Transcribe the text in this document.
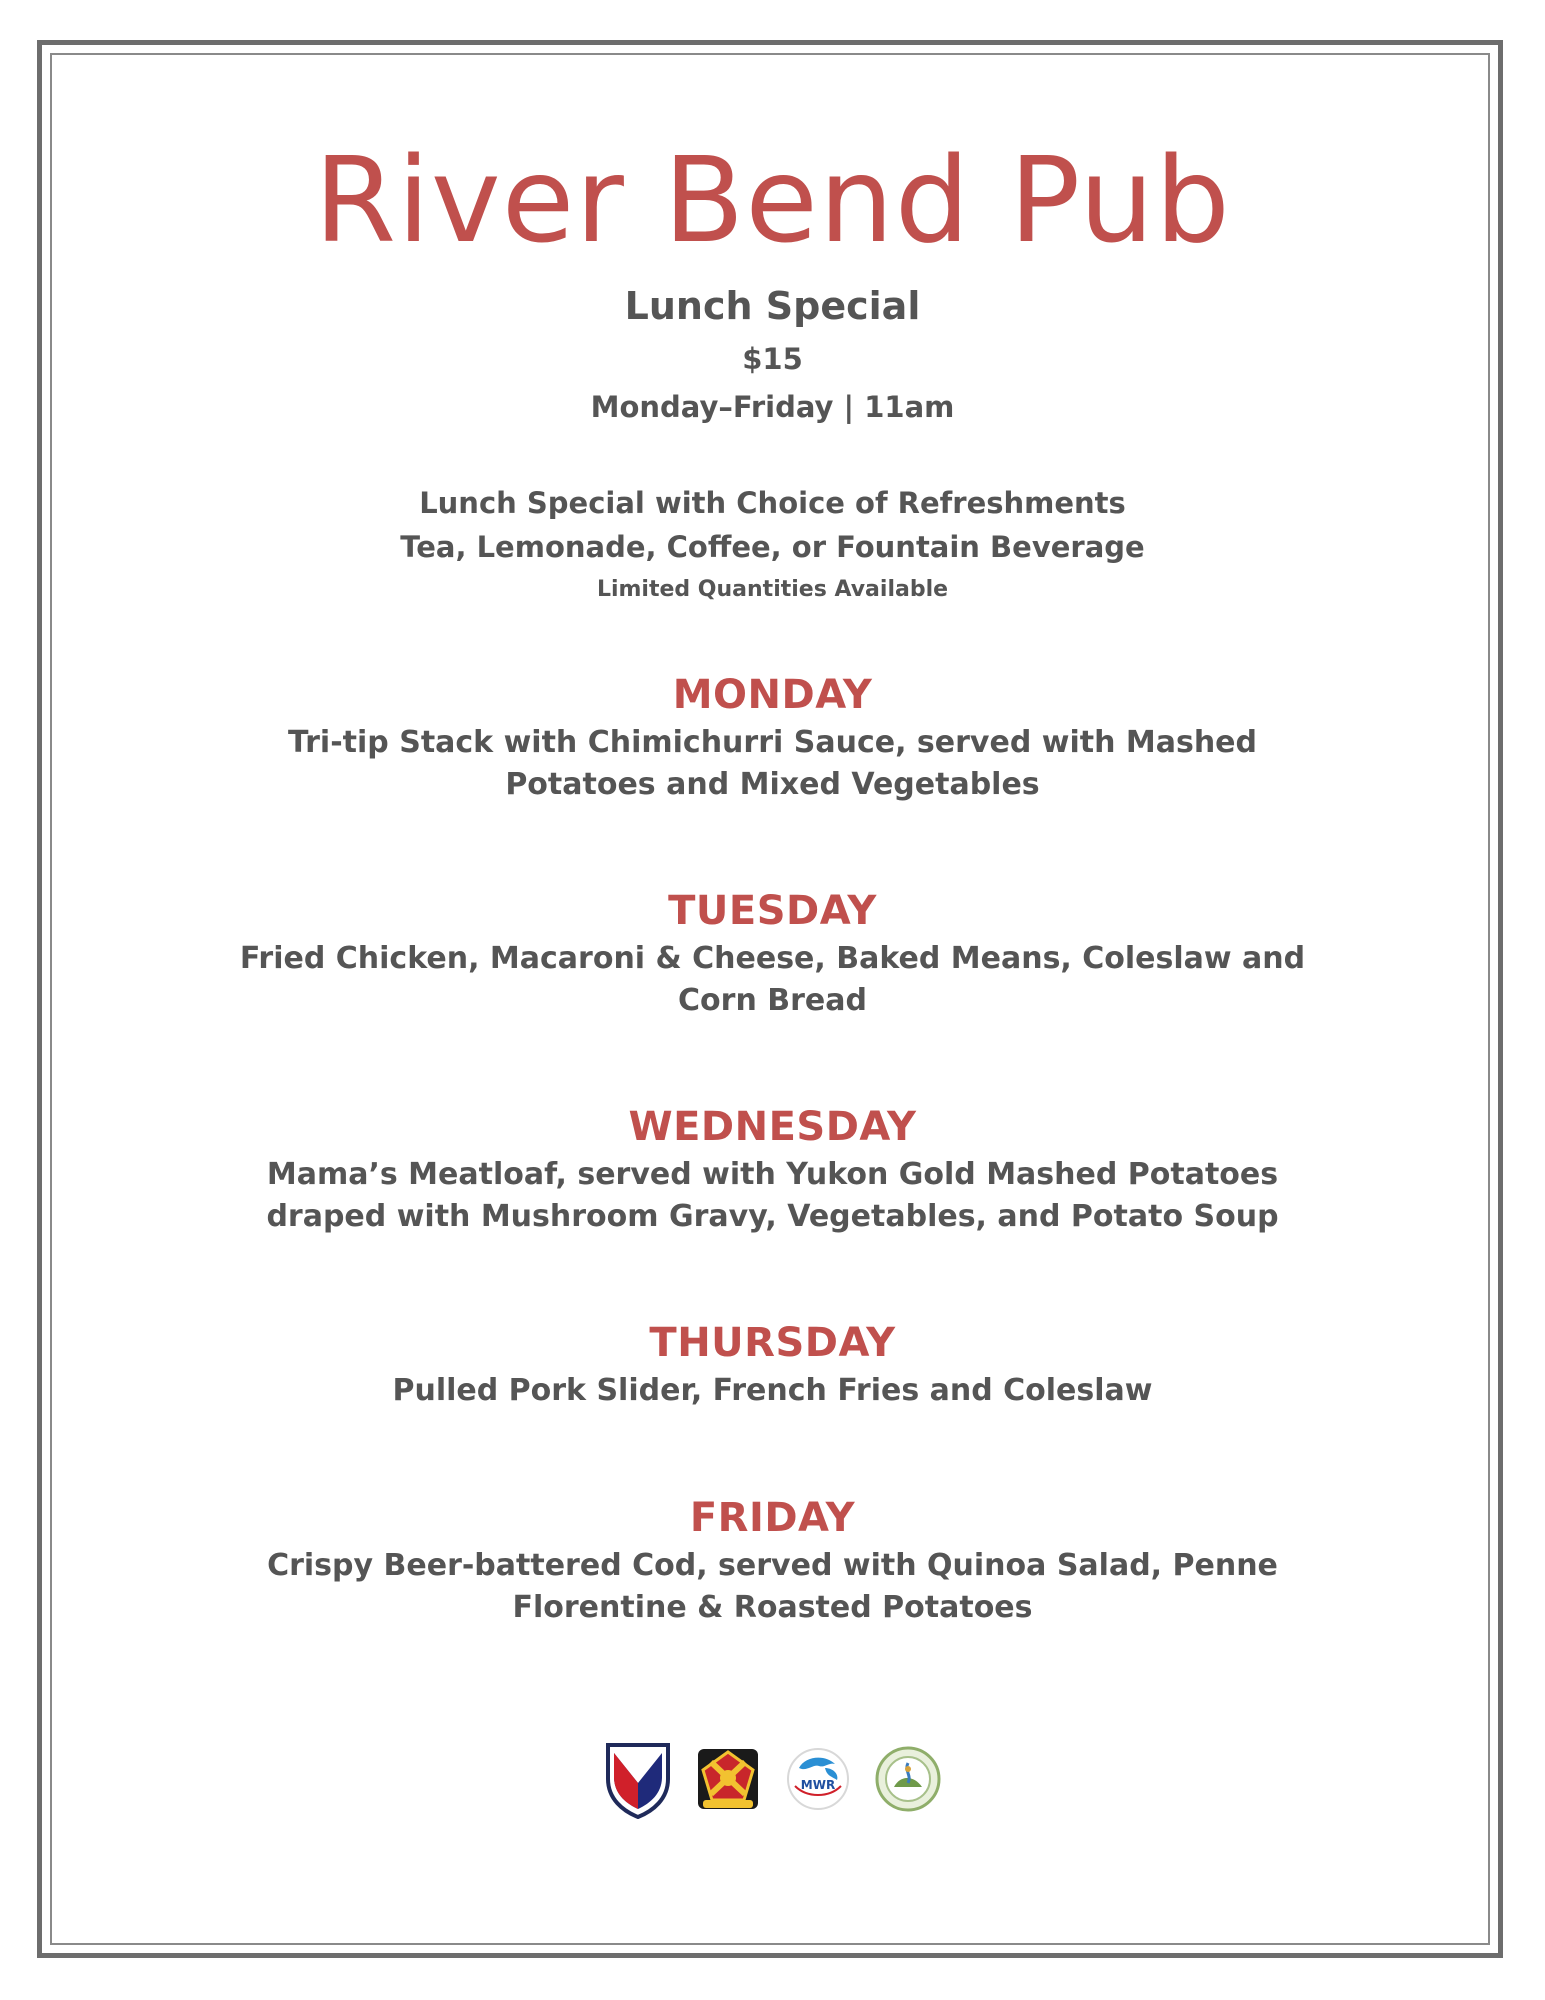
River Bend Pub
Lunch Special
$15
Monday–Friday | 11am
Lunch Special with Choice of Refreshments
Tea, Lemonade, Coffee, or Fountain Beverage
Limited Quantities Available
MONDAY
Tri-tip Stack with Chimichurri Sauce, served with Mashed Potatoes and Mixed Vegetables
TUESDAY
Fried Chicken, Macaroni & Cheese, Baked Means, Coleslaw and Corn Bread
WEDNESDAY
Mama’s Meatloaf, served with Yukon Gold Mashed Potatoes draped with Mushroom Gravy, Vegetables, and Potato Soup
THURSDAY
Pulled Pork Slider, French Fries and Coleslaw
FRIDAY
Crispy Beer-battered Cod, served with Quinoa Salad, Penne Florentine & Roasted Potatoes
MWR
